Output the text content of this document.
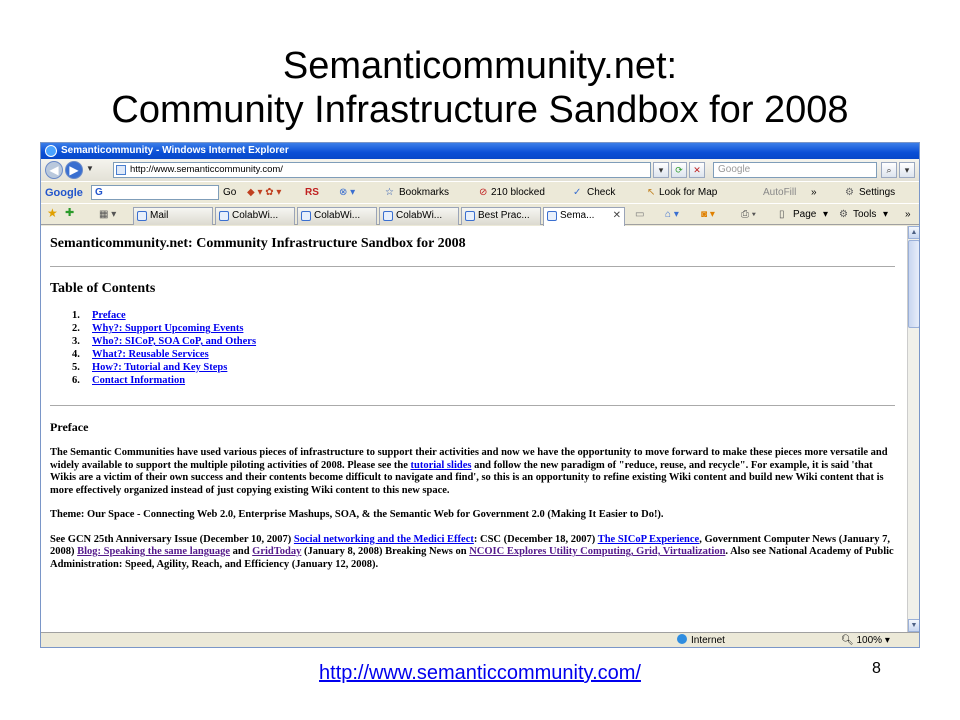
Semanticommunity.net:
Community Infrastructure Sandbox for 2008
Semanticommunity - Windows Internet Explorer
◀ ▶ ▼	http://www.semanticcommunity.com/	▾	⟳	✕	Google	⌕	▾
Google	G	Go ◆ ▾ ✿ ▾ RS ⊗ ▾	☆ Bookmarks	⊘ 210 blocked	✓ Check	↖ Look for Map	AutoFill »	⚙ Settings
★ ✚ ▦ ▾	Mail	ColabWi...	ColabWi...	ColabWi...	Best Prac...	Sema... ✕ ▭ ⌂ ▾ ◙ ▾	⎙ ▾ ▯ Page ▾ ⚙ Tools ▾ »
Semanticommunity.net: Community Infrastructure Sandbox for 2008
Table of Contents
1. Preface
2. Why?: Support Upcoming Events
3. Who?: SICoP, SOA CoP, and Others
4. What?: Reusable Services
5. How?: Tutorial and Key Steps
6. Contact Information
Preface

The Semantic Communities have used various pieces of infrastructure to support their activities and now we have the opportunity to move forward to make these pieces more versatile and widely available to support the multiple piloting activities of 2008. Please see the tutorial slides and follow the new paradigm of "reduce, reuse, and recycle". For example, it is said 'that Wikis are a victim of their own success and their contents become difficult to navigate and find', so this is an opportunity to refine existing Wiki content and build new Wiki content that is more effectively organized instead of just copying existing Wiki content to this new space.

Theme: Our Space - Connecting Web 2.0, Enterprise Mashups, SOA, & the Semantic Web for Government 2.0 (Making It Easier to Do!).

See GCN 25th Anniversary Issue (December 10, 2007) Social networking and the Medici Effect: CSC (December 18, 2007) The SICoP Experience, Government Computer News (January 7, 2008) Blog: Speaking the same language and GridToday (January 8, 2008) Breaking News on NCOIC Explores Utility Computing, Grid, Virtualization. Also see National Academy of Public Administration: Speed, Agility, Reach, and Efficiency (January 12, 2008).

▲
▼
Internet	🔍︎ 100% ▾
http://www.semanticcommunity.com/	8
